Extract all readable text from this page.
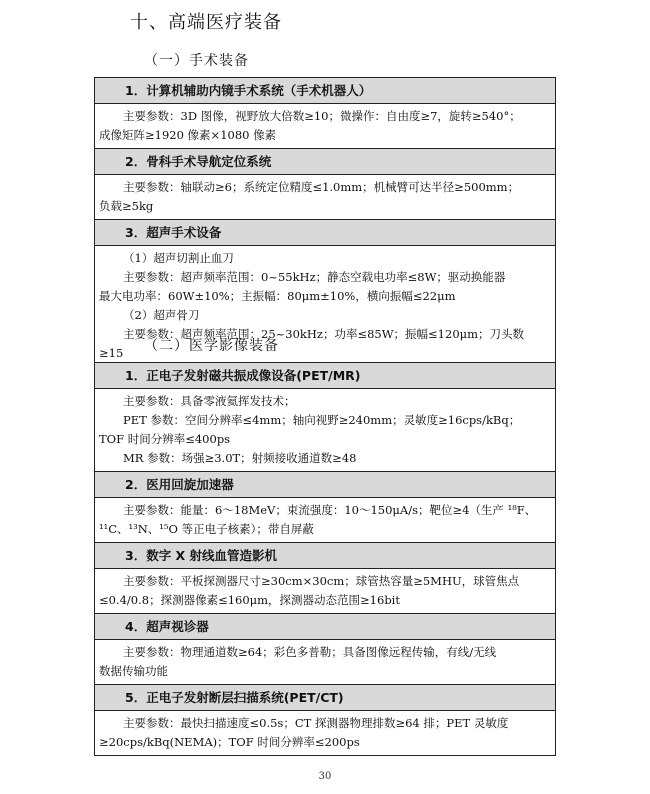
十、高端医疗装备
（一）手术装备
1．计算机辅助内镜手术系统（手术机器人）
主要参数：3D 图像，视野放大倍数≥10；微操作：自由度≥7，旋转≥540°；
成像矩阵≥1920 像素×1080 像素
2．骨科手术导航定位系统
主要参数：轴联动≥6；系统定位精度≤1.0mm；机械臂可达半径≥500mm；
负载≥5kg
3．超声手术设备
（1）超声切割止血刀
主要参数：超声频率范围：0~55kHz；静态空载电功率≤8W；驱动换能器
最大电功率：60W±10%；主振幅：80μm±10%，横向振幅≤22μm
（2）超声骨刀
主要参数：超声频率范围：25~30kHz；功率≤85W；振幅≤120μm；刀头数
≥15	（二）医学影像装备
1．正电子发射磁共振成像设备(PET/MR)
主要参数：具备零液氦挥发技术；
PET 参数：空间分辨率≤4mm；轴向视野≥240mm；灵敏度≥16cps/kBq；
TOF 时间分辨率≤400ps
MR 参数：场强≥3.0T；射频接收通道数≥48
2．医用回旋加速器
主要参数：能量：6～18MeV；束流强度：10～150μA/s；靶位≥4（生产 ¹⁸F、
¹¹C、¹³N、¹⁵O 等正电子核素）；带自屏蔽
3．数字 X 射线血管造影机
主要参数：平板探测器尺寸≥30cm×30cm；球管热容量≥5MHU，球管焦点
≤0.4/0.8；探测器像素≤160μm，探测器动态范围≥16bit
4．超声视诊器
主要参数：物理通道数≥64；彩色多普勒；具备图像远程传输，有线/无线
数据传输功能
5．正电子发射断层扫描系统(PET/CT)
主要参数：最快扫描速度≤0.5s；CT 探测器物理排数≥64 排；PET 灵敏度
≥20cps/kBq(NEMA)；TOF 时间分辨率≤200ps
30
